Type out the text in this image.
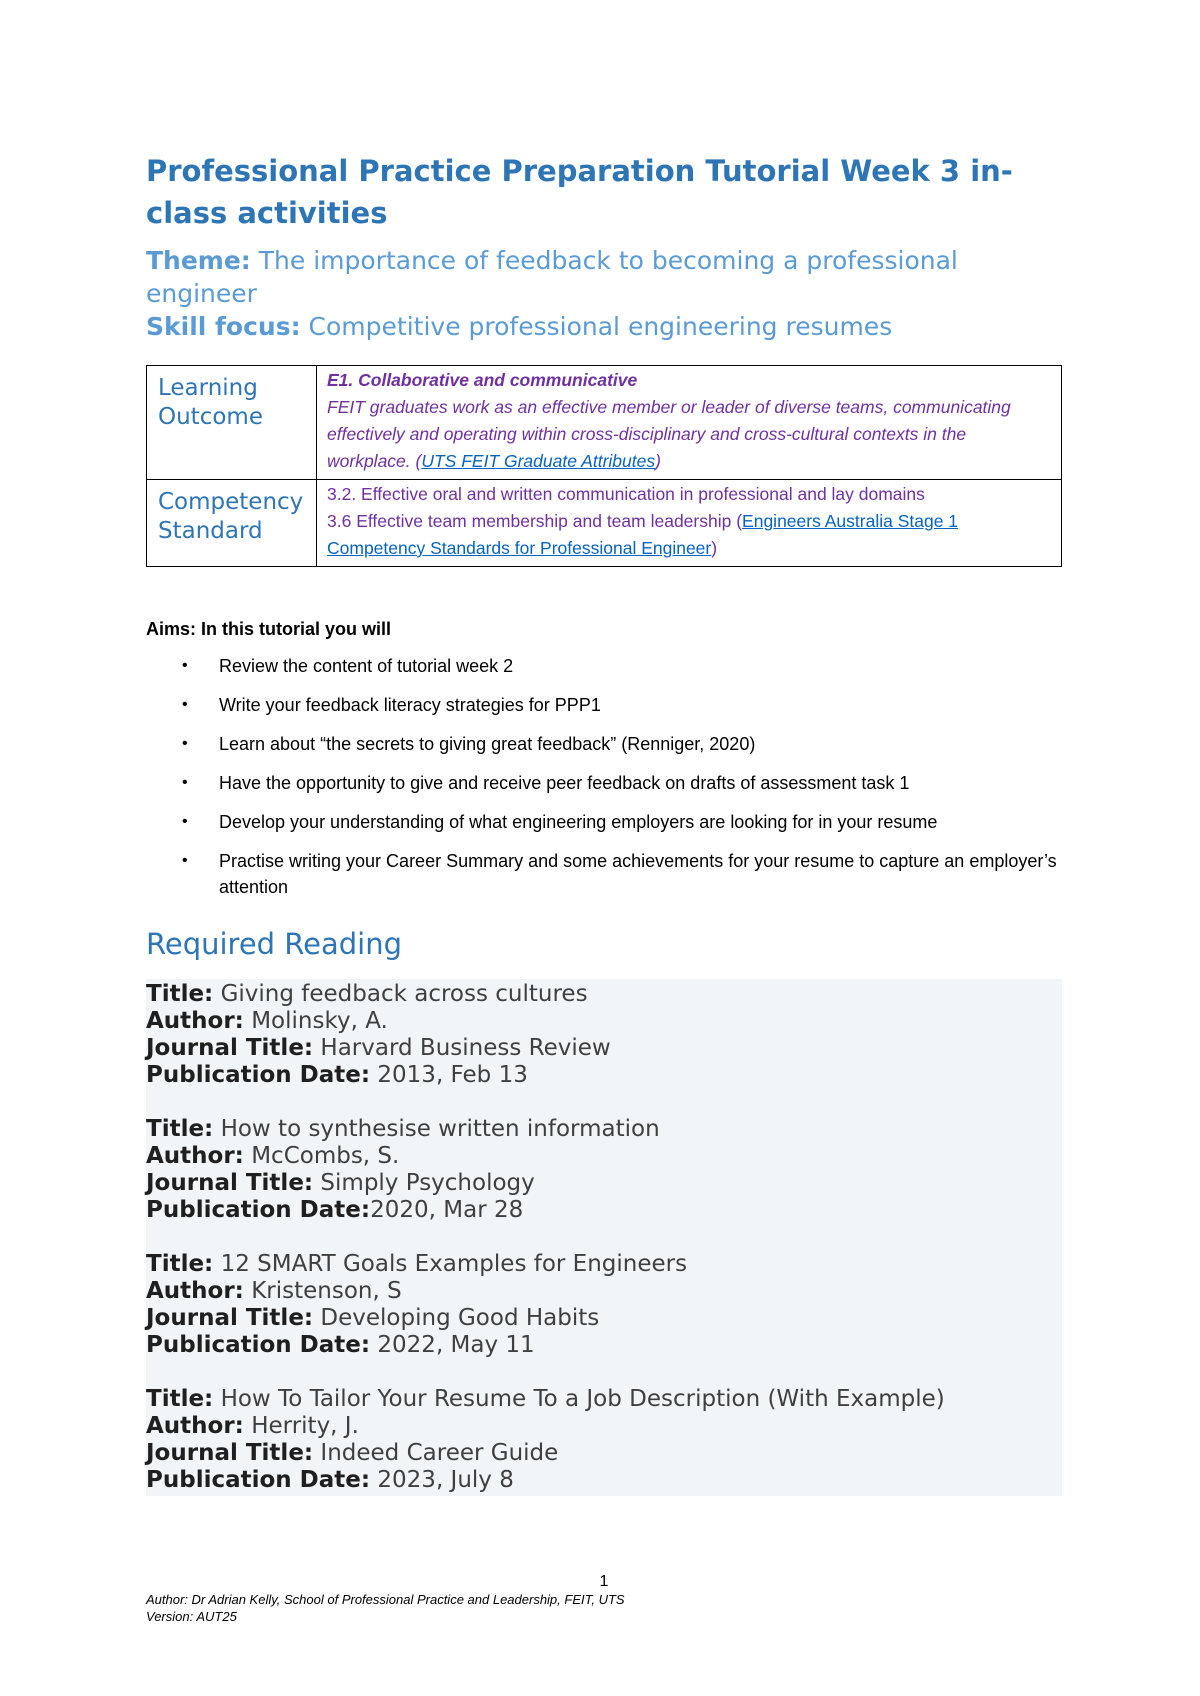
Professional Practice Preparation Tutorial Week 3 in-class activities
Theme: The importance of feedback to becoming a professional engineer
Skill focus: Competitive professional engineering resumes
Learning Outcome	E1. Collaborative and communicative
FEIT graduates work as an effective member or leader of diverse teams, communicating effectively and operating within cross-disciplinary and cross-cultural contexts in the workplace. (UTS FEIT Graduate Attributes)

Competency Standard	3.2. Effective oral and written communication in professional and lay domains
3.6 Effective team membership and team leadership (Engineers Australia Stage 1 Competency Standards for Professional Engineer)
Aims: In this tutorial you will
• Review the content of tutorial week 2
• Write your feedback literacy strategies for PPP1
• Learn about “the secrets to giving great feedback” (Renniger, 2020)
• Have the opportunity to give and receive peer feedback on drafts of assessment task 1
• Develop your understanding of what engineering employers are looking for in your resume
• Practise writing your Career Summary and some achievements for your resume to capture an employer’s attention
Required Reading
Title: Giving feedback across cultures
Author: Molinsky, A.
Journal Title: Harvard Business Review
Publication Date: 2013, Feb 13
Title: How to synthesise written information
Author: McCombs, S.
Journal Title: Simply Psychology
Publication Date:2020, Mar 28
Title: 12 SMART Goals Examples for Engineers
Author: Kristenson, S
Journal Title: Developing Good Habits
Publication Date: 2022, May 11
Title: How To Tailor Your Resume To a Job Description (With Example)
Author: Herrity, J.
Journal Title: Indeed Career Guide
Publication Date: 2023, July 8
1
Author: Dr Adrian Kelly, School of Professional Practice and Leadership, FEIT, UTS
Version: AUT25
